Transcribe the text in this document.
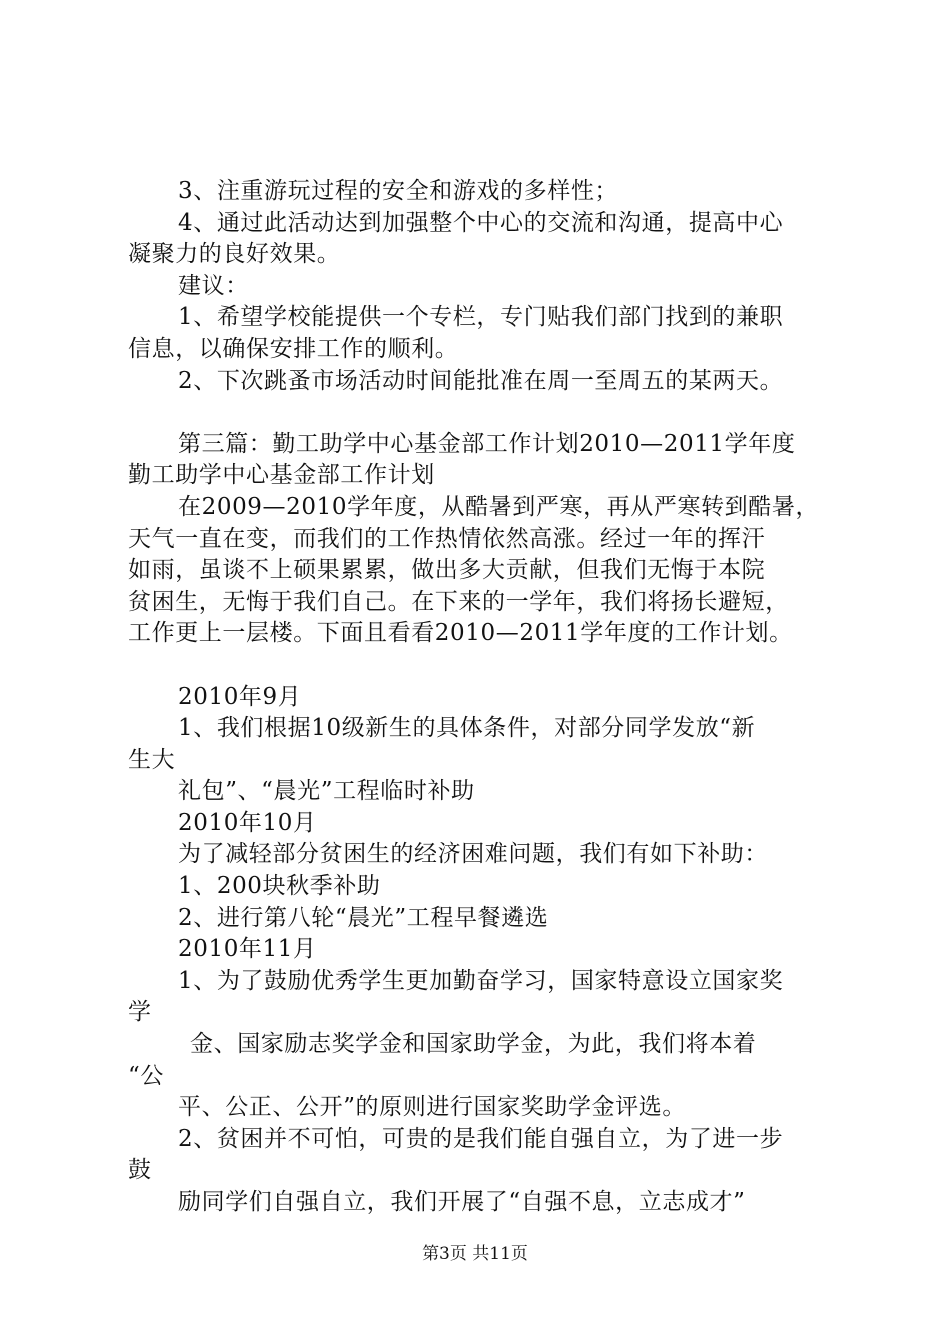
3、注重游玩过程的安全和游戏的多样性；
4、通过此活动达到加强整个中心的交流和沟通，提高中心
凝聚力的良好效果。
建议：
1、希望学校能提供一个专栏，专门贴我们部门找到的兼职
信息，以确保安排工作的顺利。
2、下次跳蚤市场活动时间能批准在周一至周五的某两天。
第三篇：勤工助学中心基金部工作计划2010—2011学年度
勤工助学中心基金部工作计划
在2009—2010学年度，从酷暑到严寒，再从严寒转到酷暑，
天气一直在变，而我们的工作热情依然高涨。经过一年的挥汗
如雨，虽谈不上硕果累累，做出多大贡献，但我们无悔于本院
贫困生，无悔于我们自己。在下来的一学年，我们将扬长避短，
工作更上一层楼。下面且看看2010—2011学年度的工作计划。
2010年9月
1、我们根据10级新生的具体条件，对部分同学发放“新
生大
礼包”、“晨光”工程临时补助
2010年10月
为了减轻部分贫困生的经济困难问题，我们有如下补助：
1、200块秋季补助
2、进行第八轮“晨光”工程早餐遴选
2010年11月
1、为了鼓励优秀学生更加勤奋学习，国家特意设立国家奖
学
金、国家励志奖学金和国家助学金，为此，我们将本着
“公
平、公正、公开”的原则进行国家奖助学金评选。
2、贫困并不可怕，可贵的是我们能自强自立，为了进一步
鼓
励同学们自强自立，我们开展了“自强不息，立志成才”
第3页 共11页
